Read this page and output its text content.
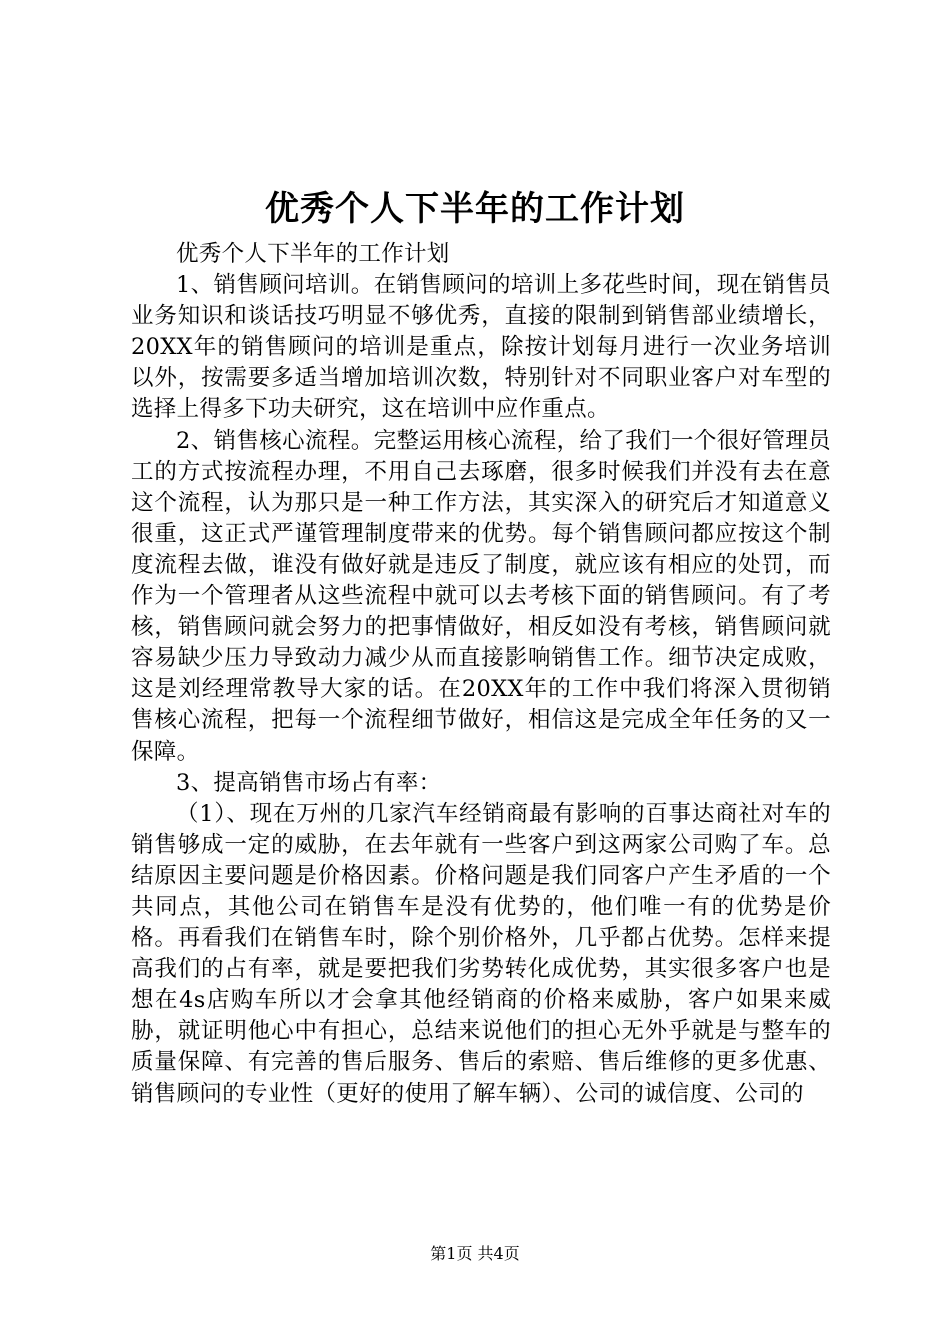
优秀个人下半年的工作计划

优秀个人下半年的工作计划

1、销售顾问培训。在销售顾问的培训上多花些时间，现在销售员业务知识和谈话技巧明显不够优秀，直接的限制到销售部业绩增长，20XX年的销售顾问的培训是重点，除按计划每月进行一次业务培训以外，按需要多适当增加培训次数，特别针对不同职业客户对车型的选择上得多下功夫研究，这在培训中应作重点。

2、销售核心流程。完整运用核心流程，给了我们一个很好管理员工的方式按流程办理，不用自己去琢磨，很多时候我们并没有去在意这个流程，认为那只是一种工作方法，其实深入的研究后才知道意义很重，这正式严谨管理制度带来的优势。每个销售顾问都应按这个制度流程去做，谁没有做好就是违反了制度，就应该有相应的处罚，而作为一个管理者从这些流程中就可以去考核下面的销售顾问。有了考核，销售顾问就会努力的把事情做好，相反如没有考核，销售顾问就容易缺少压力导致动力减少从而直接影响销售工作。细节决定成败，这是刘经理常教导大家的话。在20XX年的工作中我们将深入贯彻销售核心流程，把每一个流程细节做好，相信这是完成全年任务的又一保障。

3、提高销售市场占有率：

（1）、现在万州的几家汽车经销商最有影响的百事达商社对车的销售够成一定的威胁，在去年就有一些客户到这两家公司购了车。总结原因主要问题是价格因素。价格问题是我们同客户产生矛盾的一个共同点，其他公司在销售车是没有优势的，他们唯一有的优势是价格。再看我们在销售车时，除个别价格外，几乎都占优势。怎样来提高我们的占有率，就是要把我们劣势转化成优势，其实很多客户也是想在4s店购车所以才会拿其他经销商的价格来威胁，客户如果来威胁，就证明他心中有担心，总结来说他们的担心无外乎就是与整车的质量保障、有完善的售后服务、售后的索赔、售后维修的更多优惠、销售顾问的专业性（更好的使用了解车辆）、公司的诚信度、公司的

第1页 共4页
